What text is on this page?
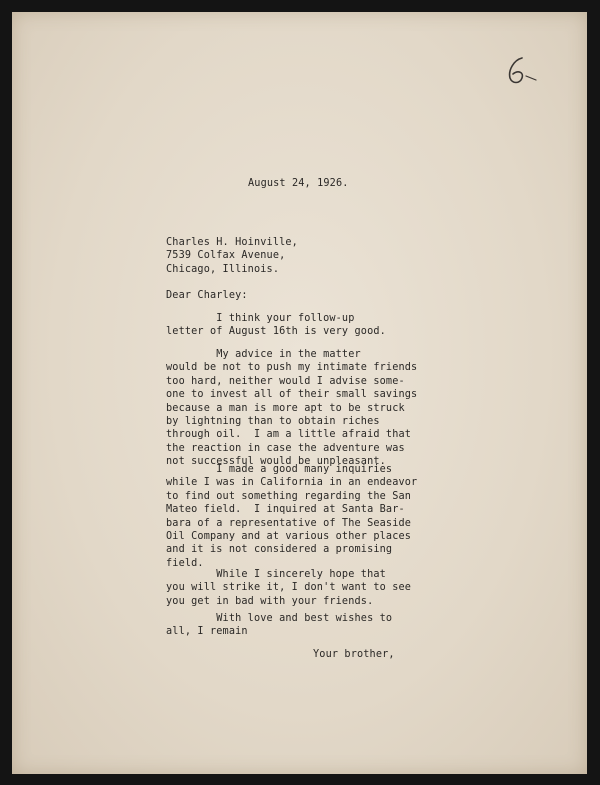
August 24, 1926.

Charles H. Hoinville,
7539 Colfax Avenue,
Chicago, Illinois.

Dear Charley:

I think your follow-up
letter of August 16th is very good.
My advice in the matter
would be not to push my intimate friends
too hard, neither would I advise some-
one to invest all of their small savings
because a man is more apt to be struck
by lightning than to obtain riches
through oil.  I am a little afraid that
the reaction in case the adventure was
not successful would be unpleasant.
I made a good many inquiries
while I was in California in an endeavor
to find out something regarding the San
Mateo field.  I inquired at Santa Bar-
bara of a representative of The Seaside
Oil Company and at various other places
and it is not considered a promising
field.
While I sincerely hope that
you will strike it, I don't want to see
you get in bad with your friends.
With love and best wishes to
all, I remain

Your brother,
